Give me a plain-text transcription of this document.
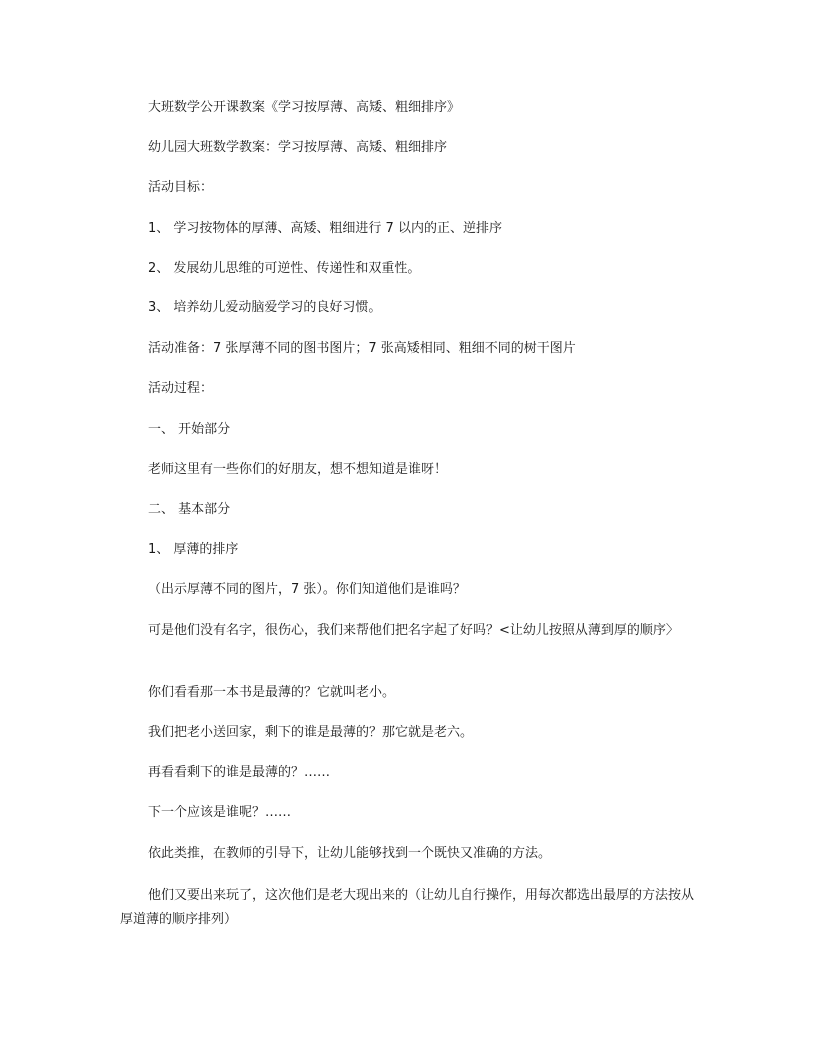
大班数学公开课教案《学习按厚薄、高矮、粗细排序》
幼儿园大班数学教案：学习按厚薄、高矮、粗细排序
活动目标：
1、 学习按物体的厚薄、高矮、粗细进行 7 以内的正、逆排序
2、 发展幼儿思维的可逆性、传递性和双重性。
3、 培养幼儿爱动脑爱学习的良好习惯。
活动准备：7 张厚薄不同的图书图片；7 张高矮相同、粗细不同的树干图片
活动过程：
一、 开始部分
老师这里有一些你们的好朋友，想不想知道是谁呀！
二、 基本部分
1、 厚薄的排序
（出示厚薄不同的图片，7 张）。你们知道他们是谁吗？
可是他们没有名字，很伤心，我们来帮他们把名字起了好吗？<让幼儿按照从薄到厚的顺序〉
你们看看那一本书是最薄的？它就叫老小。
我们把老小送回家，剩下的谁是最薄的？那它就是老六。
再看看剩下的谁是最薄的？……
下一个应该是谁呢？……
依此类推，在教师的引导下，让幼儿能够找到一个既快又准确的方法。
他们又要出来玩了，这次他们是老大现出来的（让幼儿自行操作，用每次都选出最厚的方法按从厚道薄的顺序排列）
